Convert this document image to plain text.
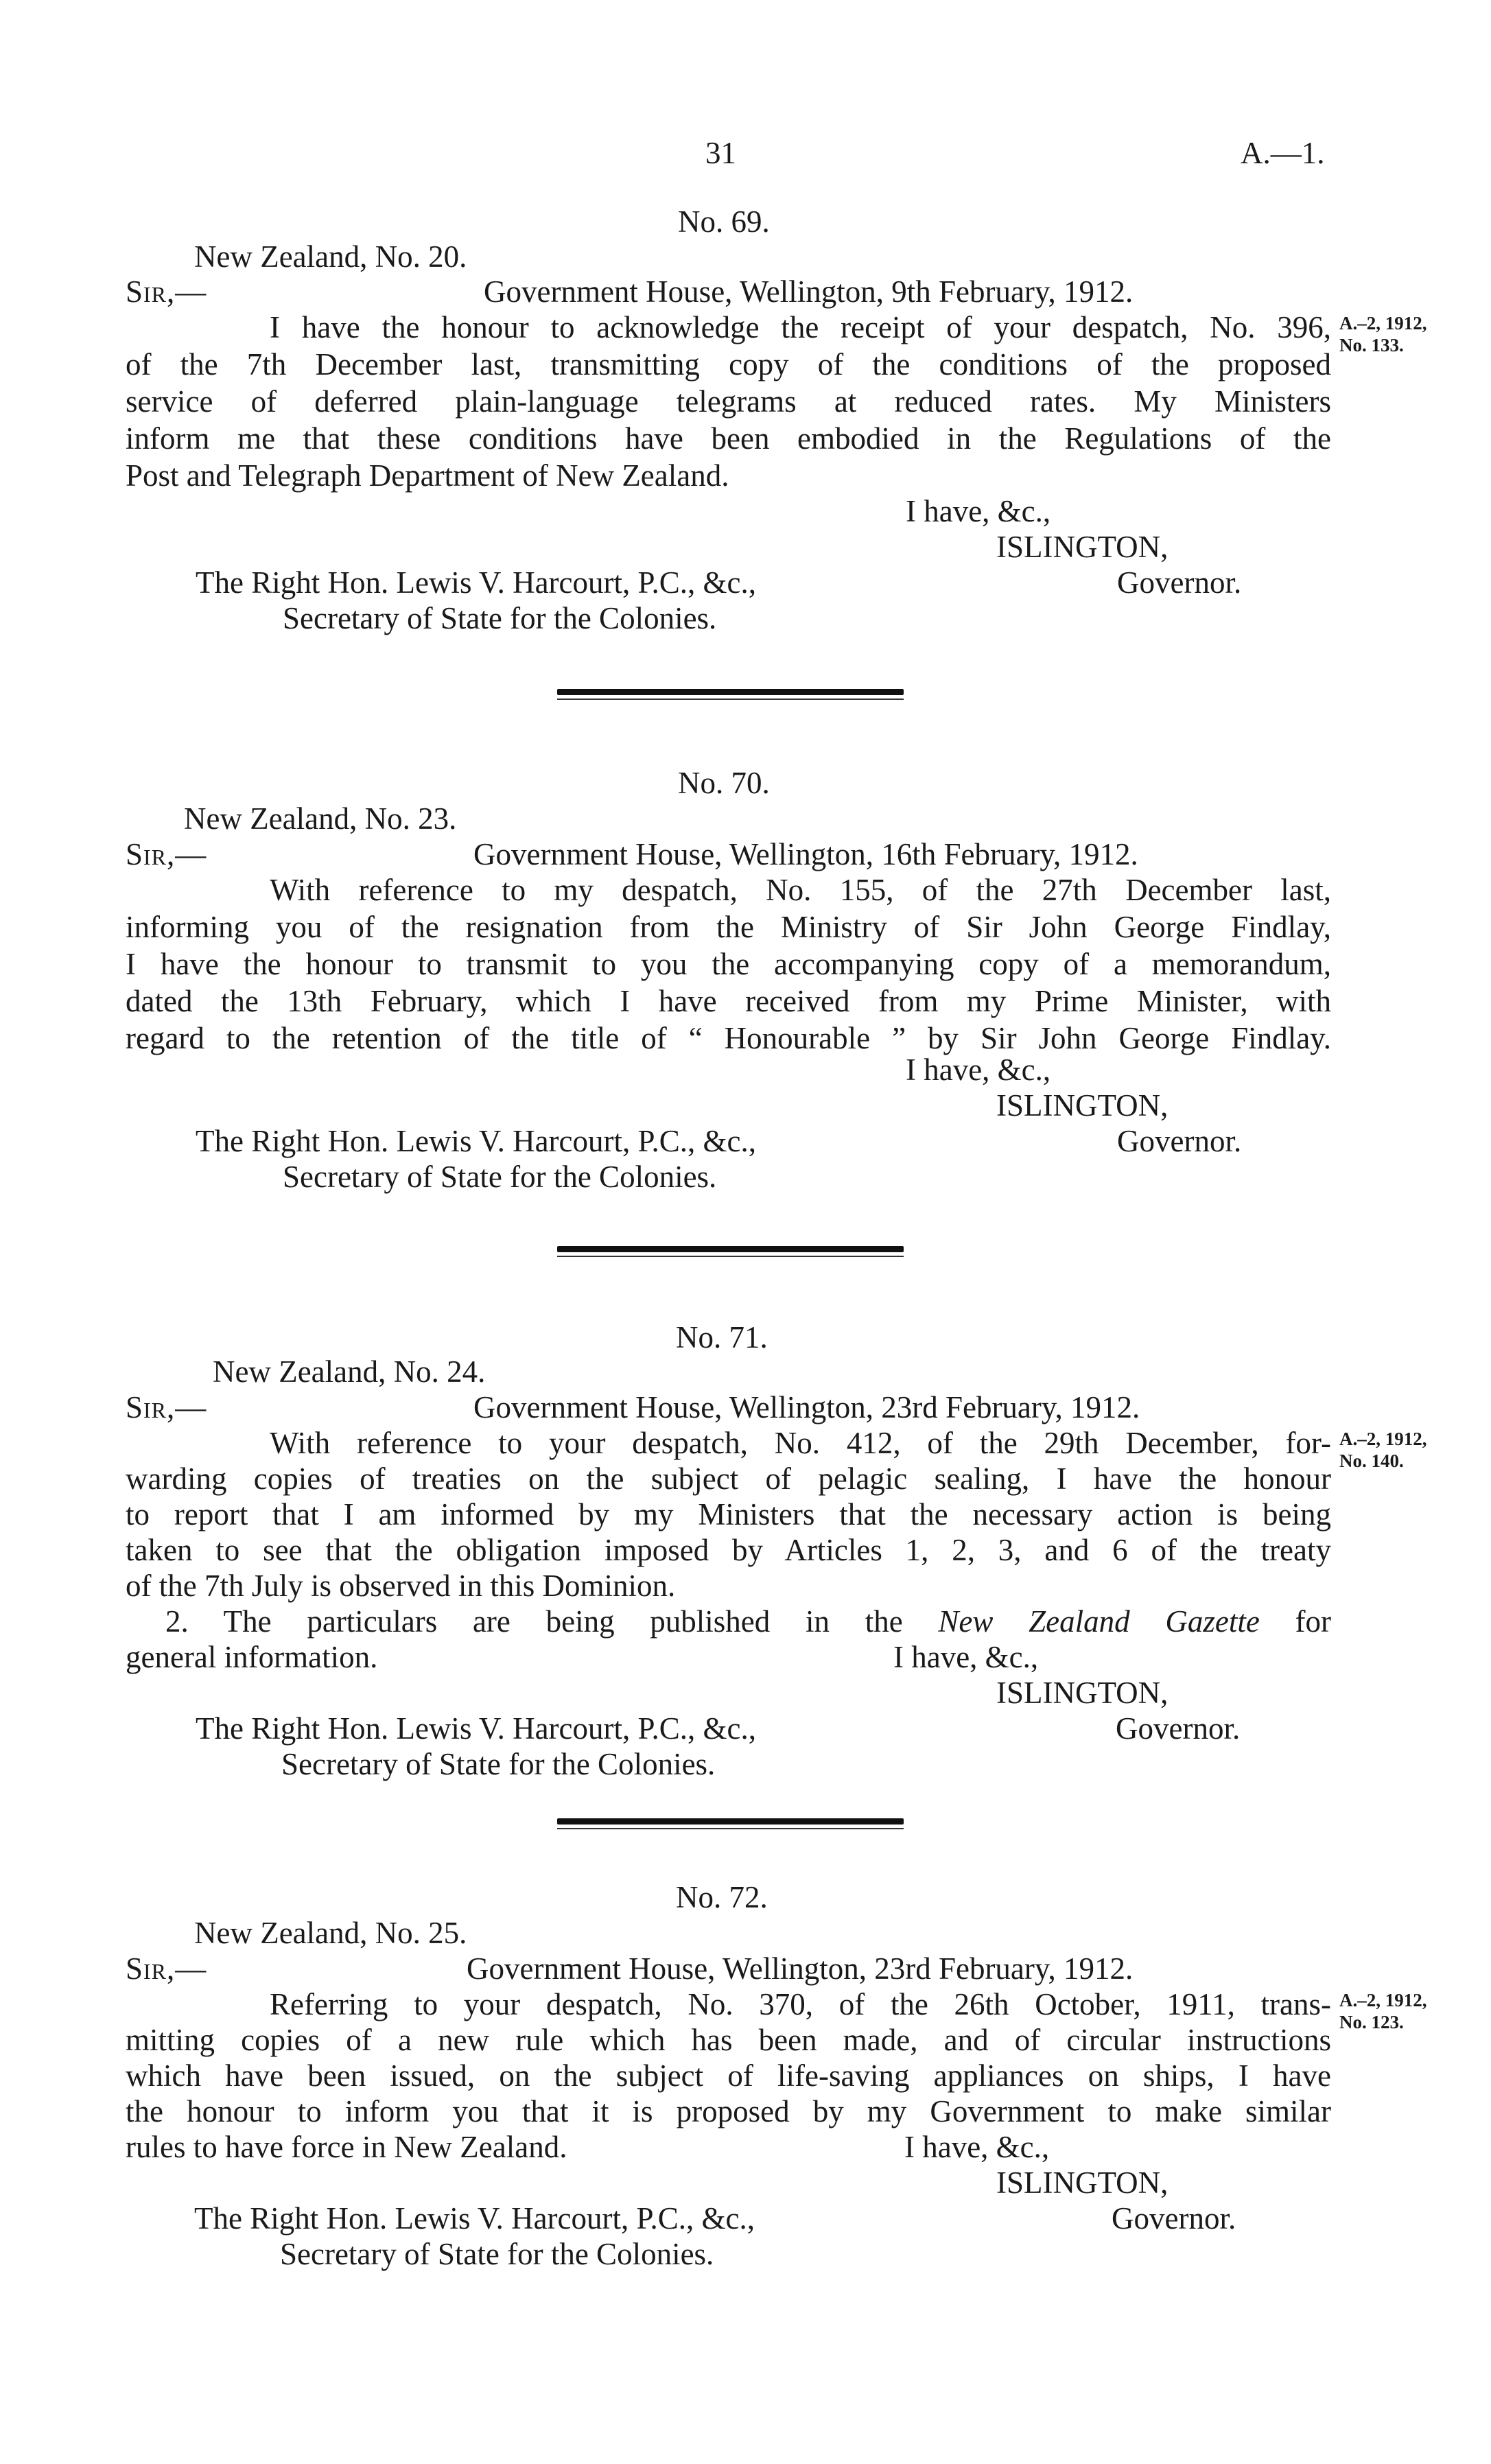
31	A.—1.
No. 69.
New Zealand, No. 20.
Sir,—	Government House, Wellington, 9th February, 1912.
I have the honour to acknowledge the receipt of your despatch, No. 396,
of the 7th December last, transmitting copy of the conditions of the proposed
service of deferred plain-language telegrams at reduced rates. My Ministers
inform me that these conditions have been embodied in the Regulations of the
Post and Telegraph Department of New Zealand.
A.–2, 1912,
No. 133.
I have, &c.,
ISLINGTON,
The Right Hon. Lewis V. Harcourt, P.C., &c.,	Governor.
Secretary of State for the Colonies.
No. 70.
New Zealand, No. 23.
Sir,—	Government House, Wellington, 16th February, 1912.
With reference to my despatch, No. 155, of the 27th December last,
informing you of the resignation from the Ministry of Sir John George Findlay,
I have the honour to transmit to you the accompanying copy of a memorandum,
dated the 13th February, which I have received from my Prime Minister, with
regard to the retention of the title of “ Honourable ” by Sir John George Findlay.
I have, &c.,
ISLINGTON,
The Right Hon. Lewis V. Harcourt, P.C., &c.,	Governor.
Secretary of State for the Colonies.
No. 71.
New Zealand, No. 24.
Sir,—	Government House, Wellington, 23rd February, 1912.
With reference to your despatch, No. 412, of the 29th December, for-
warding copies of treaties on the subject of pelagic sealing, I have the honour
to report that I am informed by my Ministers that the necessary action is being
taken to see that the obligation imposed by Articles 1, 2, 3, and 6 of the treaty
of the 7th July is observed in this Dominion.
A.–2, 1912,
No. 140.
2. The particulars are being published in the New Zealand Gazette for
general information.	I have, &c.,
ISLINGTON,
The Right Hon. Lewis V. Harcourt, P.C., &c.,	Governor.
Secretary of State for the Colonies.
No. 72.
New Zealand, No. 25.
Sir,—	Government House, Wellington, 23rd February, 1912.
Referring to your despatch, No. 370, of the 26th October, 1911, trans-
mitting copies of a new rule which has been made, and of circular instructions
which have been issued, on the subject of life-saving appliances on ships, I have
the honour to inform you that it is proposed by my Government to make similar
rules to have force in New Zealand.
A.–2, 1912,
No. 123.
I have, &c.,
ISLINGTON,
The Right Hon. Lewis V. Harcourt, P.C., &c.,	Governor.
Secretary of State for the Colonies.
